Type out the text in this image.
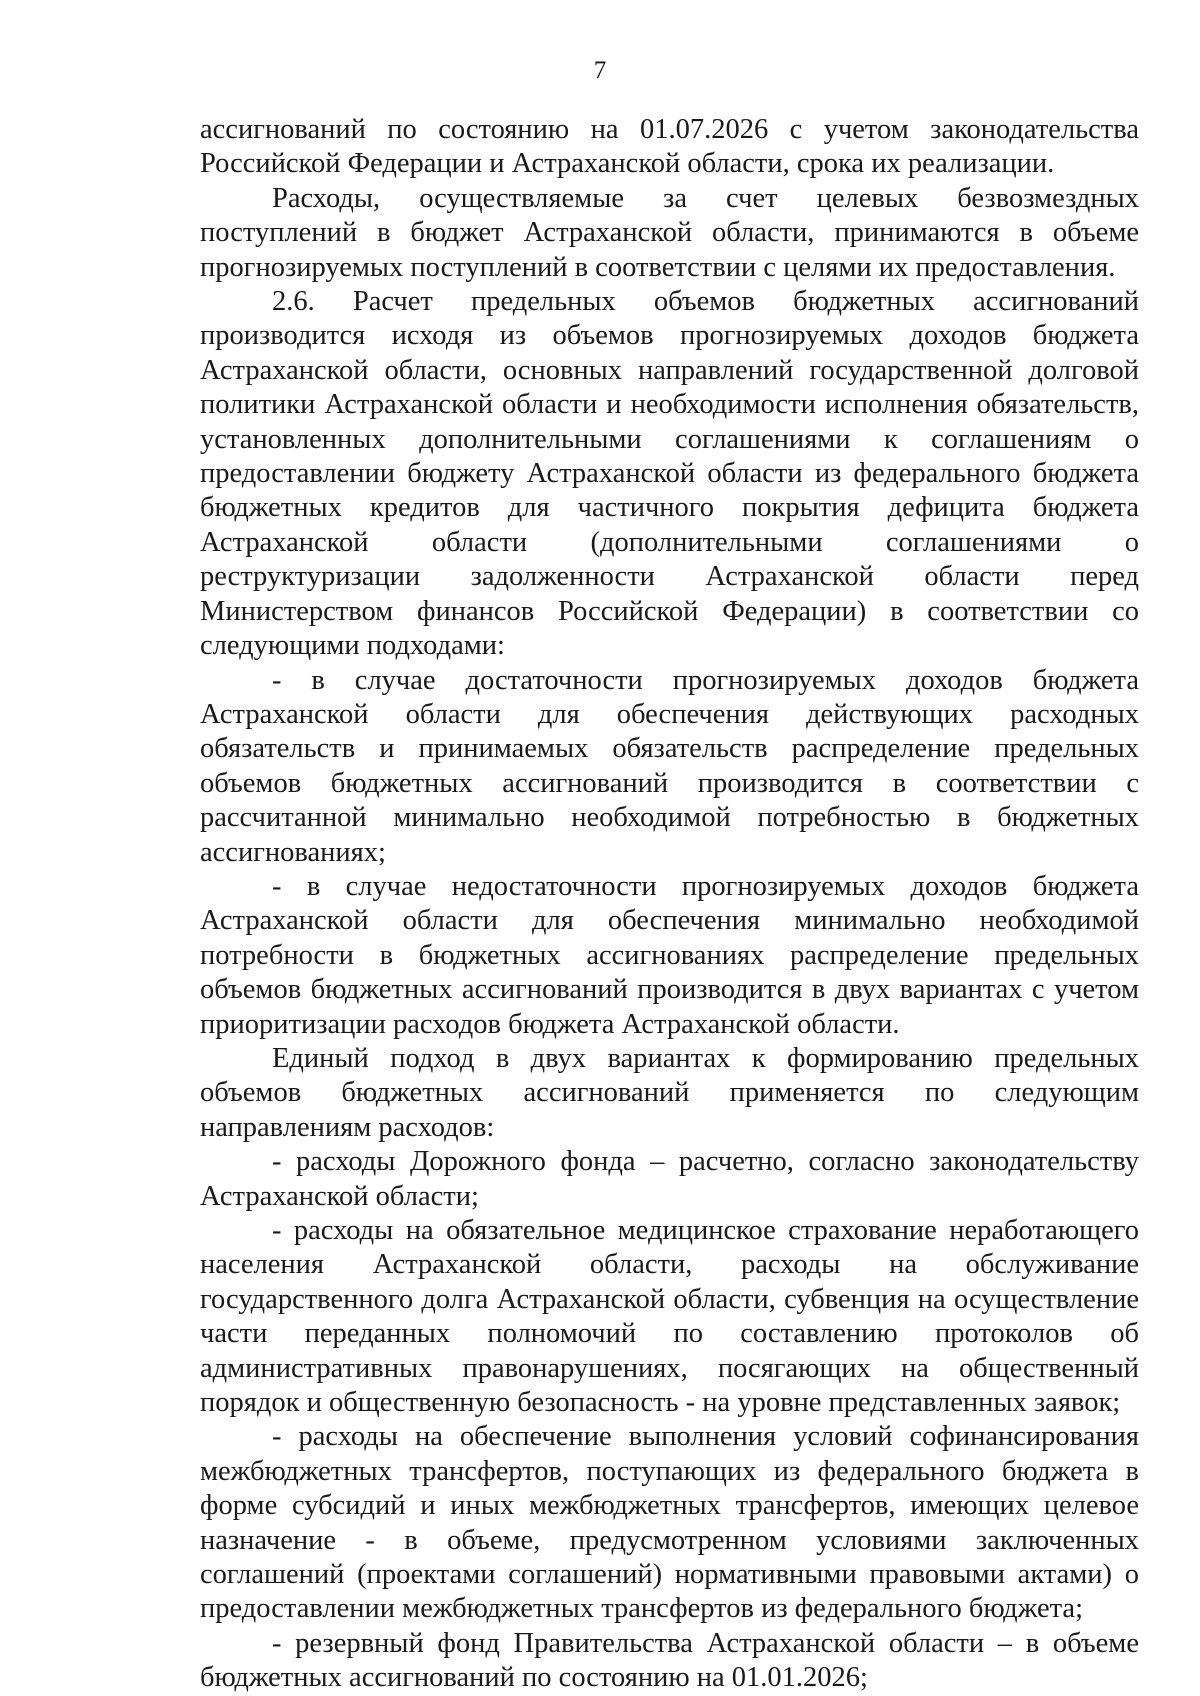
7

ассигнований по состоянию на 01.07.2026 с учетом законодательства Российской Федерации и Астраханской области, срока их реализации.

Расходы, осуществляемые за счет целевых безвозмездных поступлений в бюджет Астраханской области, принимаются в объеме прогнозируемых поступлений в соответствии с целями их предоставления.

2.6. Расчет предельных объемов бюджетных ассигнований производится исходя из объемов прогнозируемых доходов бюджета Астраханской области, основных направлений государственной долговой политики Астраханской области и необходимости исполнения обязательств, установленных дополнительными соглашениями к соглашениям о предоставлении бюджету Астраханской области из федерального бюджета бюджетных кредитов для частичного покрытия дефицита бюджета Астраханской области (дополнительными соглашениями о реструктуризации задолженности Астраханской области перед Министерством финансов Российской Федерации) в соответствии со следующими подходами:

- в случае достаточности прогнозируемых доходов бюджета Астраханской области для обеспечения действующих расходных обязательств и принимаемых обязательств распределение предельных объемов бюджетных ассигнований производится в соответствии с рассчитанной минимально необходимой потребностью в бюджетных ассигнованиях;

- в случае недостаточности прогнозируемых доходов бюджета Астраханской области для обеспечения минимально необходимой потребности в бюджетных ассигнованиях распределение предельных объемов бюджетных ассигнований производится в двух вариантах с учетом приоритизации расходов бюджета Астраханской области.

Единый подход в двух вариантах к формированию предельных объемов бюджетных ассигнований применяется по следующим направлениям расходов:

- расходы Дорожного фонда – расчетно, согласно законодательству Астраханской области;

- расходы на обязательное медицинское страхование неработающего населения Астраханской области, расходы на обслуживание государственного долга Астраханской области, субвенция на осуществление части переданных полномочий по составлению протоколов об административных правонарушениях, посягающих на общественный порядок и общественную безопасность - на уровне представленных заявок;

- расходы на обеспечение выполнения условий софинансирования межбюджетных трансфертов, поступающих из федерального бюджета в форме субсидий и иных межбюджетных трансфертов, имеющих целевое назначение - в объеме, предусмотренном условиями заключенных соглашений (проектами соглашений) нормативными правовыми актами) о предоставлении межбюджетных трансфертов из федерального бюджета;

- резервный фонд Правительства Астраханской области – в объеме бюджетных ассигнований по состоянию на 01.01.2026;
